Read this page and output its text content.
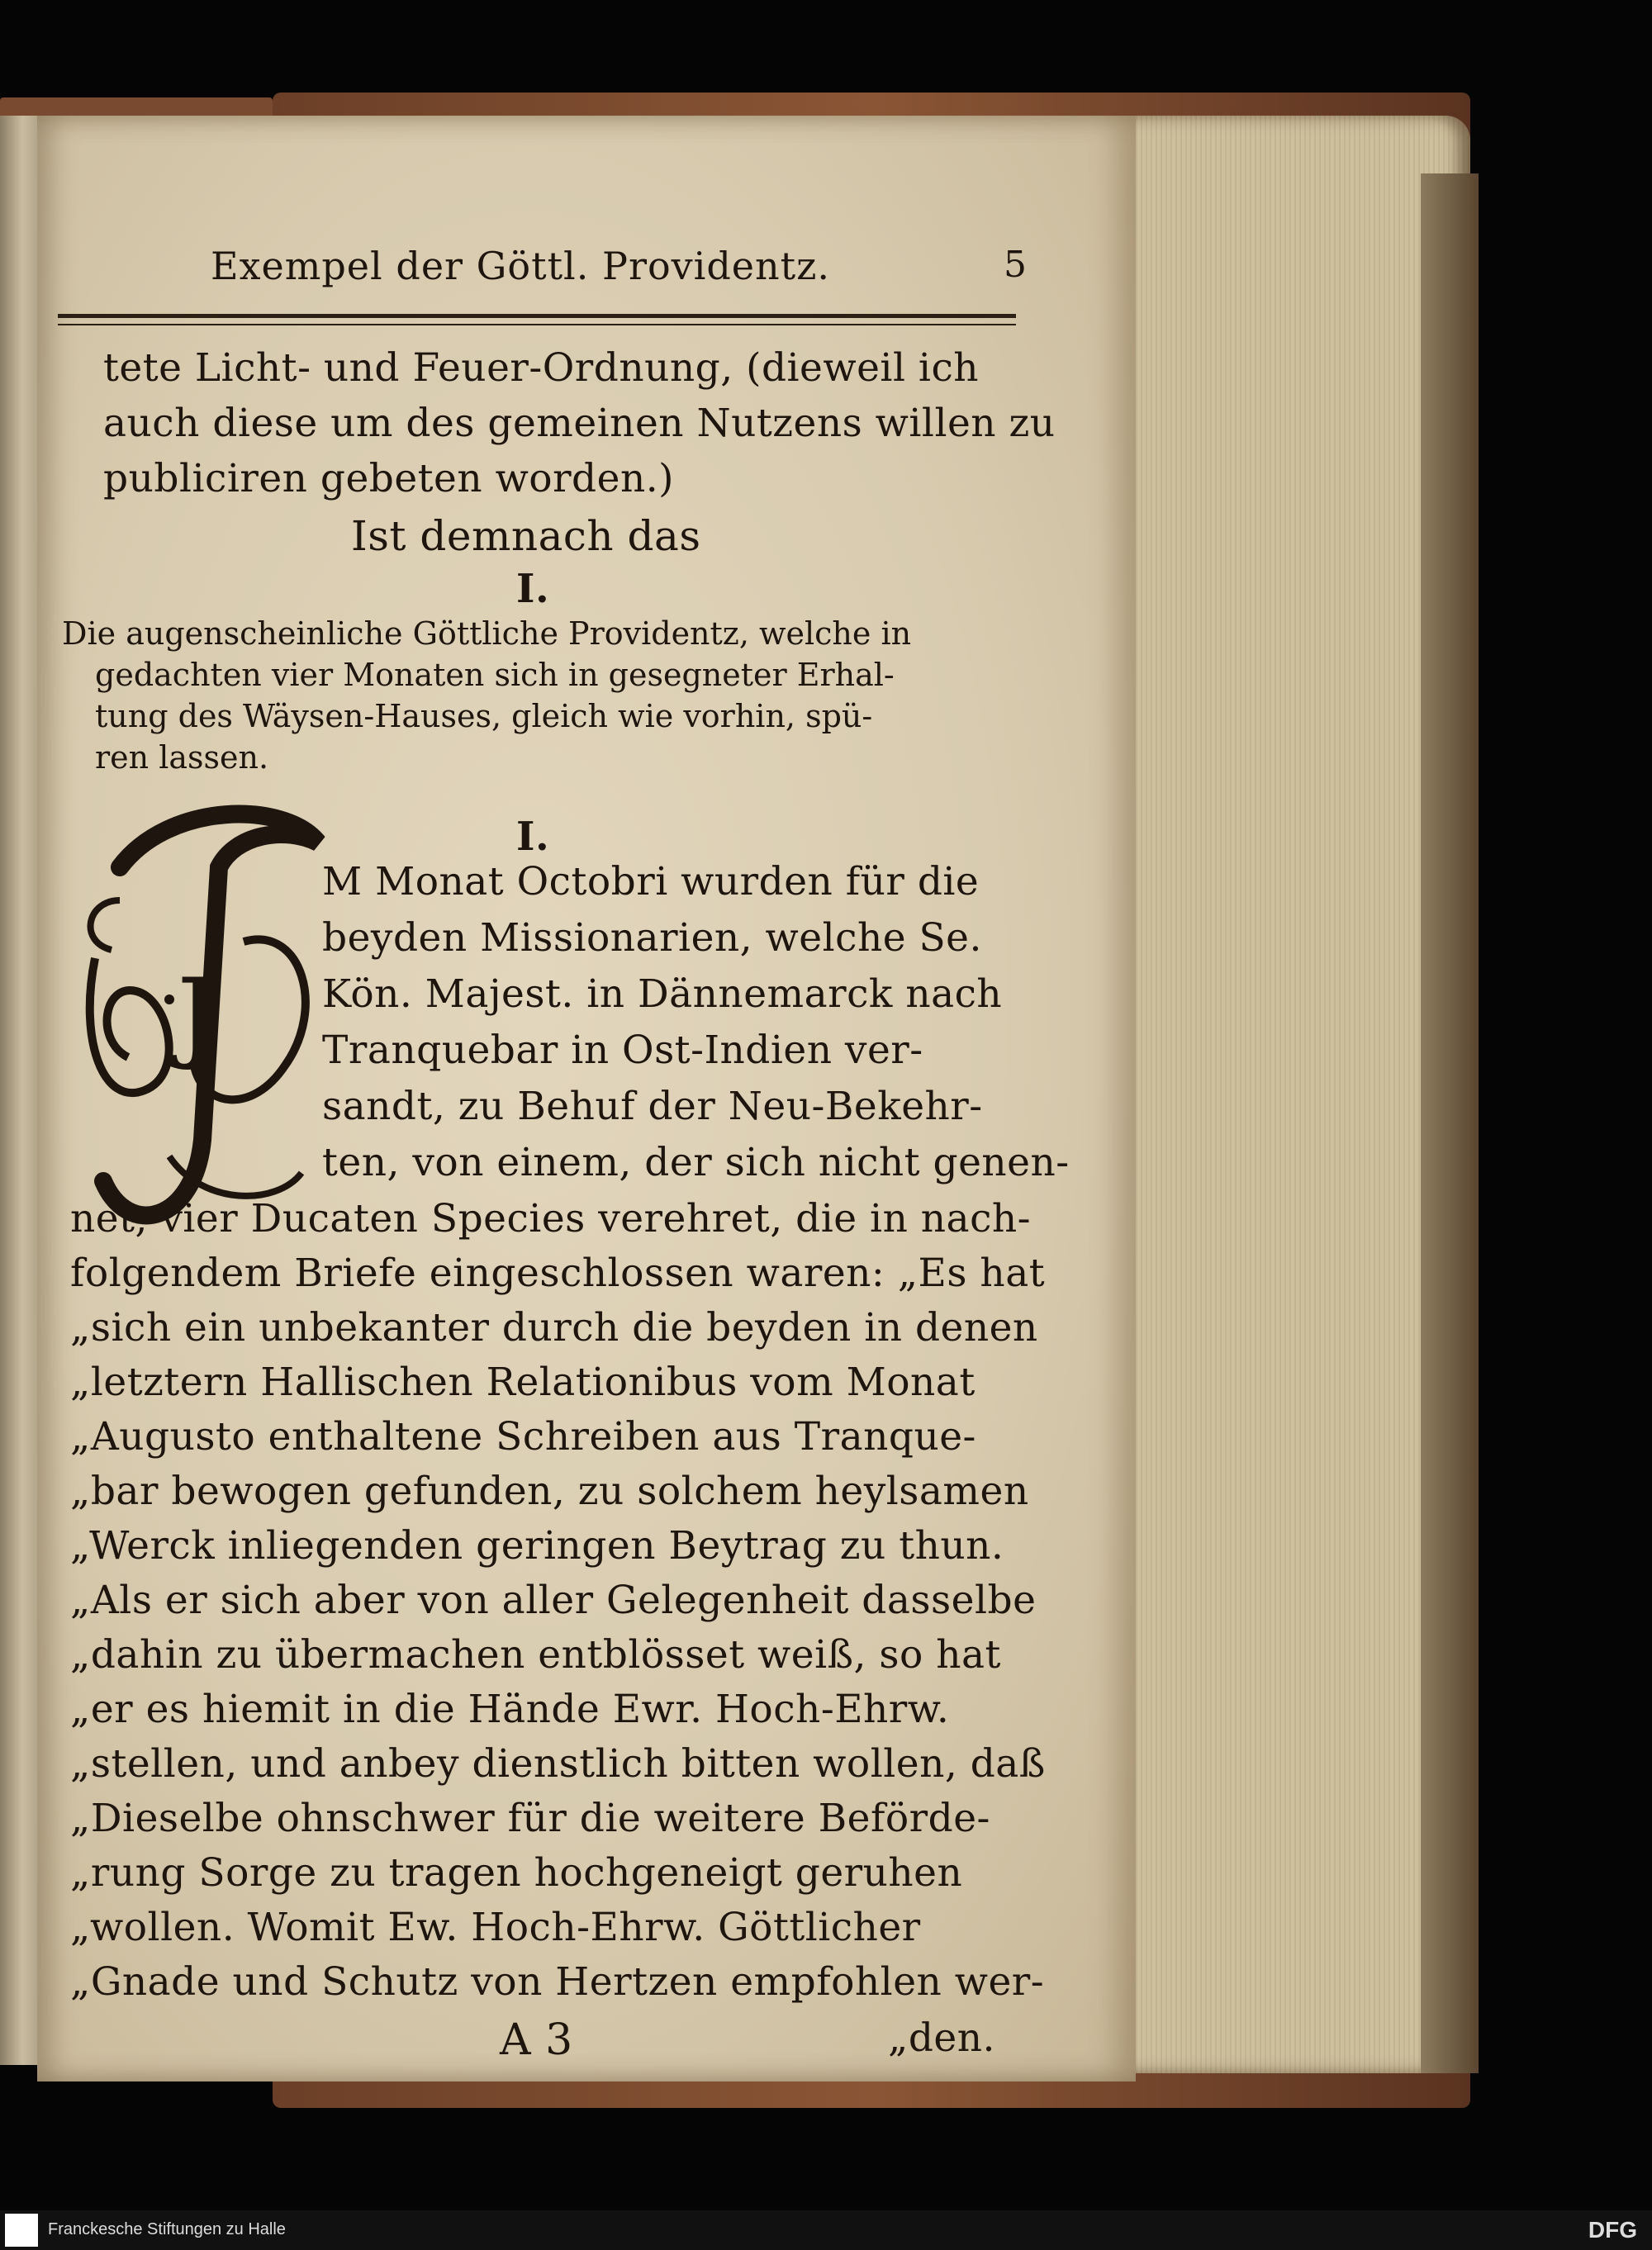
Exempel der Göttl. Providentz.	5
tete Licht- und Feuer-Ordnung, (dieweil ich
auch diese um des gemeinen Nutzens willen zu
publiciren gebeten worden.)
Ist demnach das
I.
Die augenscheinliche Göttliche Providentz, welche in
gedachten vier Monaten sich in gesegneter Erhal-
tung des Wäysen-Hauses, gleich wie vorhin, spü-
ren lassen.
I.
J
M Monat Octobri wurden für die
beyden Missionarien, welche Se.
Kön. Majest. in Dännemarck nach
Tranquebar in Ost-Indien ver-
sandt, zu Behuf der Neu-Bekehr-
ten, von einem, der sich nicht genen-
net, vier Ducaten Species verehret, die in nach-
folgendem Briefe eingeschlossen waren: „Es hat
„sich ein unbekanter durch die beyden in denen
„letztern Hallischen Relationibus vom Monat
„Augusto enthaltene Schreiben aus Tranque-
„bar bewogen gefunden, zu solchem heylsamen
„Werck inliegenden geringen Beytrag zu thun.
„Als er sich aber von aller Gelegenheit dasselbe
„dahin zu übermachen entblösset weiß, so hat
„er es hiemit in die Hände Ewr. Hoch-Ehrw.
„stellen, und anbey dienstlich bitten wollen, daß
„Dieselbe ohnschwer für die weitere Beförde-
„rung Sorge zu tragen hochgeneigt geruhen
„wollen. Womit Ew. Hoch-Ehrw. Göttlicher
„Gnade und Schutz von Hertzen empfohlen wer-
A 3	„den.
Franckesche Stiftungen zu Halle	DFG
